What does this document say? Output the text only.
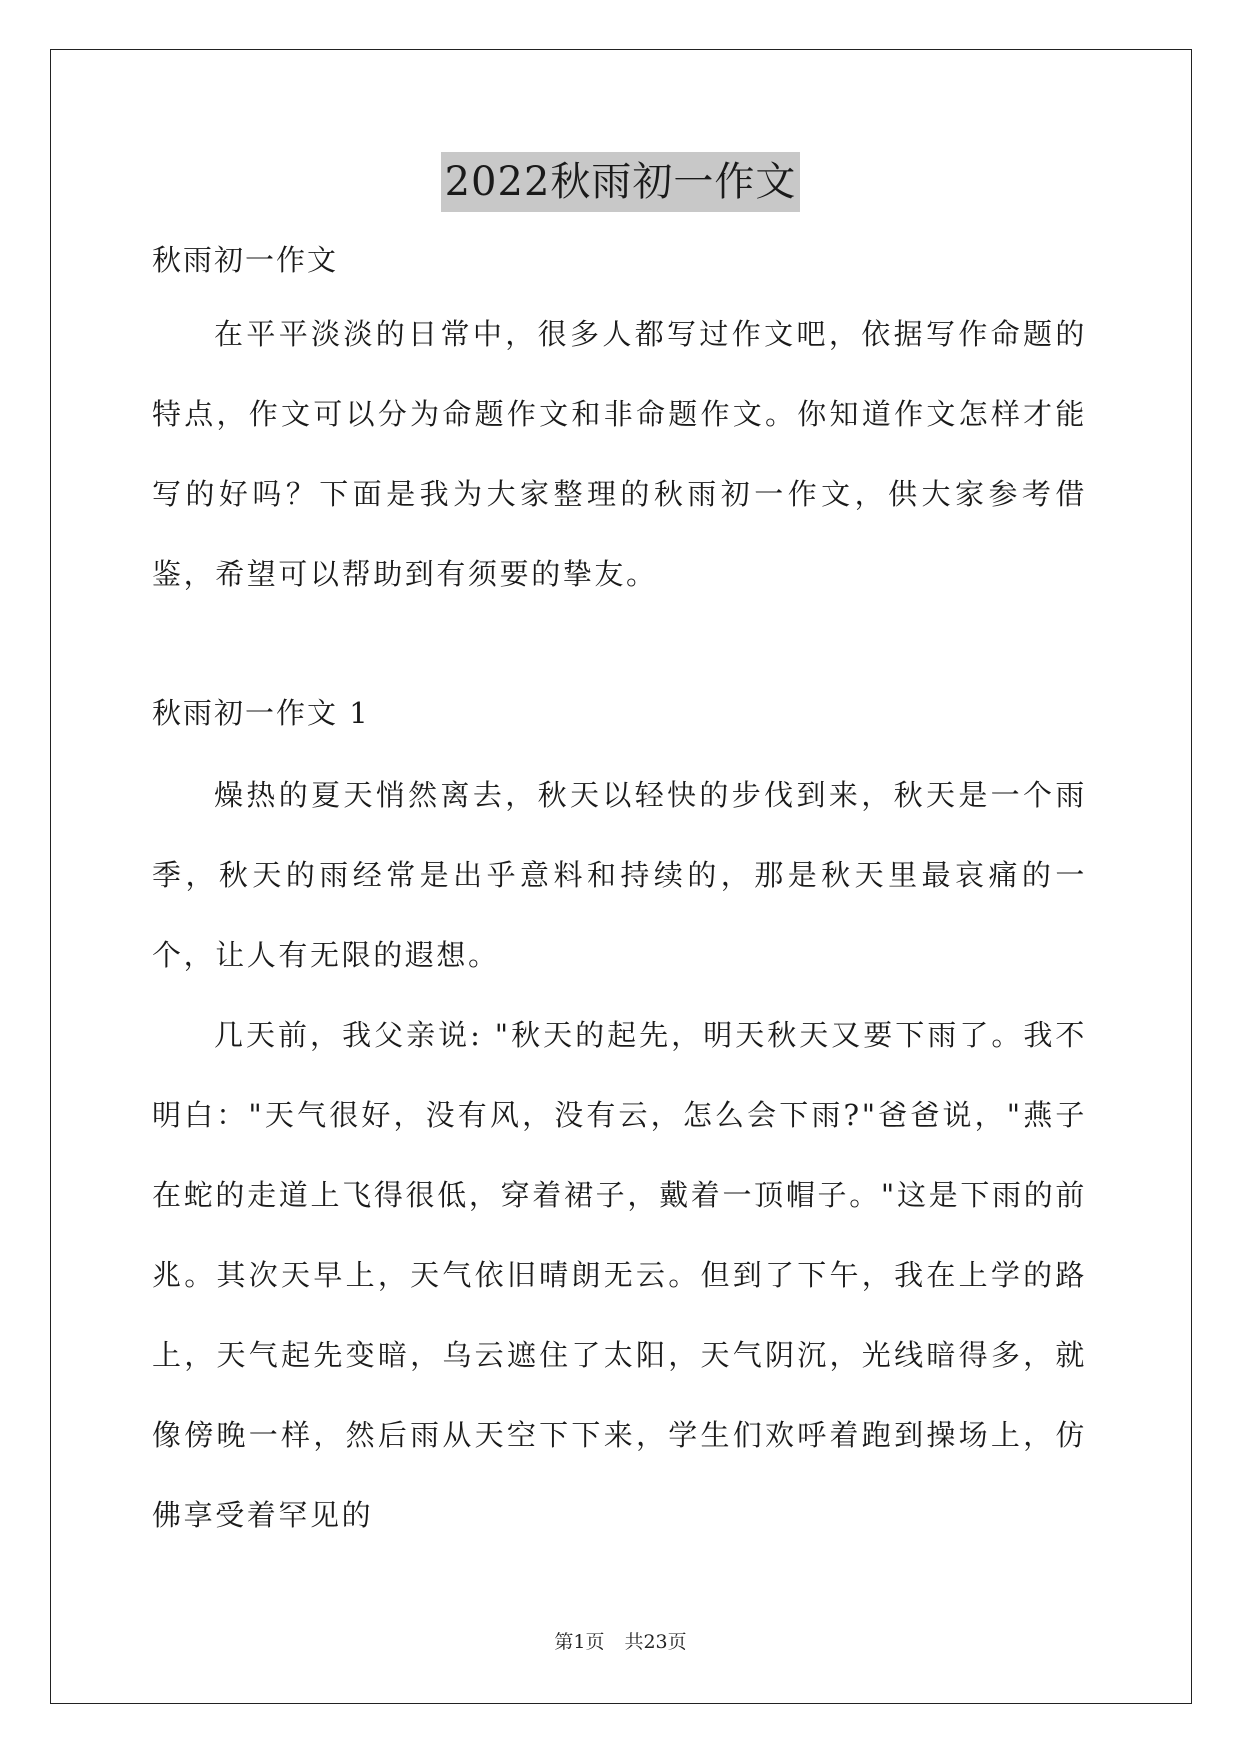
2022秋雨初一作文

秋雨初一作文

在平平淡淡的日常中，很多人都写过作文吧，依据写作命题的特点，作文可以分为命题作文和非命题作文。你知道作文怎样才能写的好吗？下面是我为大家整理的秋雨初一作文，供大家参考借鉴，希望可以帮助到有须要的挚友。

秋雨初一作文 1

燥热的夏天悄然离去，秋天以轻快的步伐到来，秋天是一个雨季，秋天的雨经常是出乎意料和持续的，那是秋天里最哀痛的一个，让人有无限的遐想。

几天前，我父亲说: "秋天的起先，明天秋天又要下雨了。我不明白："天气很好，没有风，没有云，怎么会下雨?"爸爸说，"燕子在蛇的走道上飞得很低，穿着裙子，戴着一顶帽子。"这是下雨的前兆。其次天早上，天气依旧晴朗无云。但到了下午，我在上学的路上，天气起先变暗，乌云遮住了太阳，天气阴沉，光线暗得多，就像傍晚一样，然后雨从天空下下来，学生们欢呼着跑到操场上，仿佛享受着罕见的

第1页 共23页
